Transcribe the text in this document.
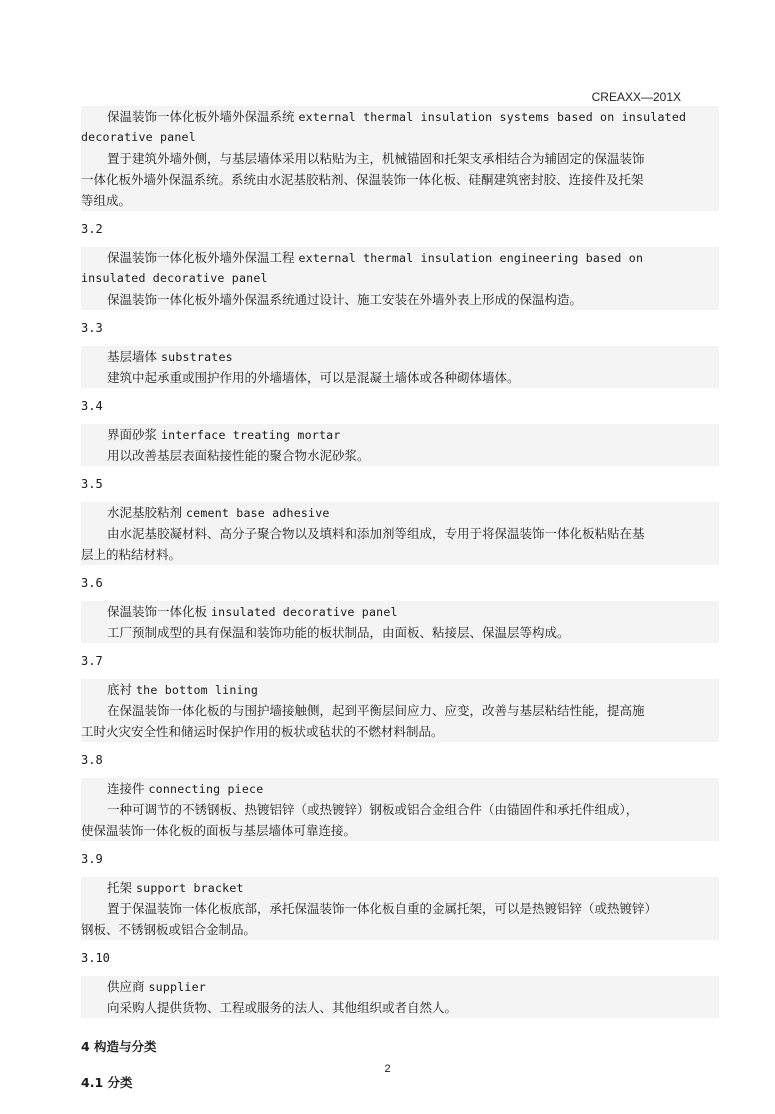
CREAXX—201X
保温装饰一体化板外墙外保温系统 external thermal insulation systems based on insulated
decorative panel
置于建筑外墙外侧，与基层墙体采用以粘贴为主，机械锚固和托架支承相结合为辅固定的保温装饰
一体化板外墙外保温系统。系统由水泥基胶粘剂、保温装饰一体化板、硅酮建筑密封胶、连接件及托架
等组成。
3.2
保温装饰一体化板外墙外保温工程 external thermal insulation engineering based on
insulated decorative panel
保温装饰一体化板外墙外保温系统通过设计、施工安装在外墙外表上形成的保温构造。
3.3
基层墙体 substrates
建筑中起承重或围护作用的外墙墙体，可以是混凝土墙体或各种砌体墙体。
3.4
界面砂浆 interface treating mortar
用以改善基层表面粘接性能的聚合物水泥砂浆。
3.5
水泥基胶粘剂 cement base adhesive
由水泥基胶凝材料、高分子聚合物以及填料和添加剂等组成，专用于将保温装饰一体化板粘贴在基
层上的粘结材料。
3.6
保温装饰一体化板 insulated decorative panel
工厂预制成型的具有保温和装饰功能的板状制品，由面板、粘接层、保温层等构成。
3.7
底衬 the bottom lining
在保温装饰一体化板的与围护墙接触侧，起到平衡层间应力、应变，改善与基层粘结性能，提高施
工时火灾安全性和储运时保护作用的板状或毡状的不燃材料制品。
3.8
连接件 connecting piece
一种可调节的不锈钢板、热镀铝锌（或热镀锌）钢板或铝合金组合件（由锚固件和承托件组成），
使保温装饰一体化板的面板与基层墙体可靠连接。
3.9
托架 support bracket
置于保温装饰一体化板底部，承托保温装饰一体化板自重的金属托架，可以是热镀铝锌（或热镀锌）
钢板、不锈钢板或铝合金制品。
3.10
供应商 supplier
向采购人提供货物、工程或服务的法人、其他组织或者自然人。
4 构造与分类
4.1 分类
2
